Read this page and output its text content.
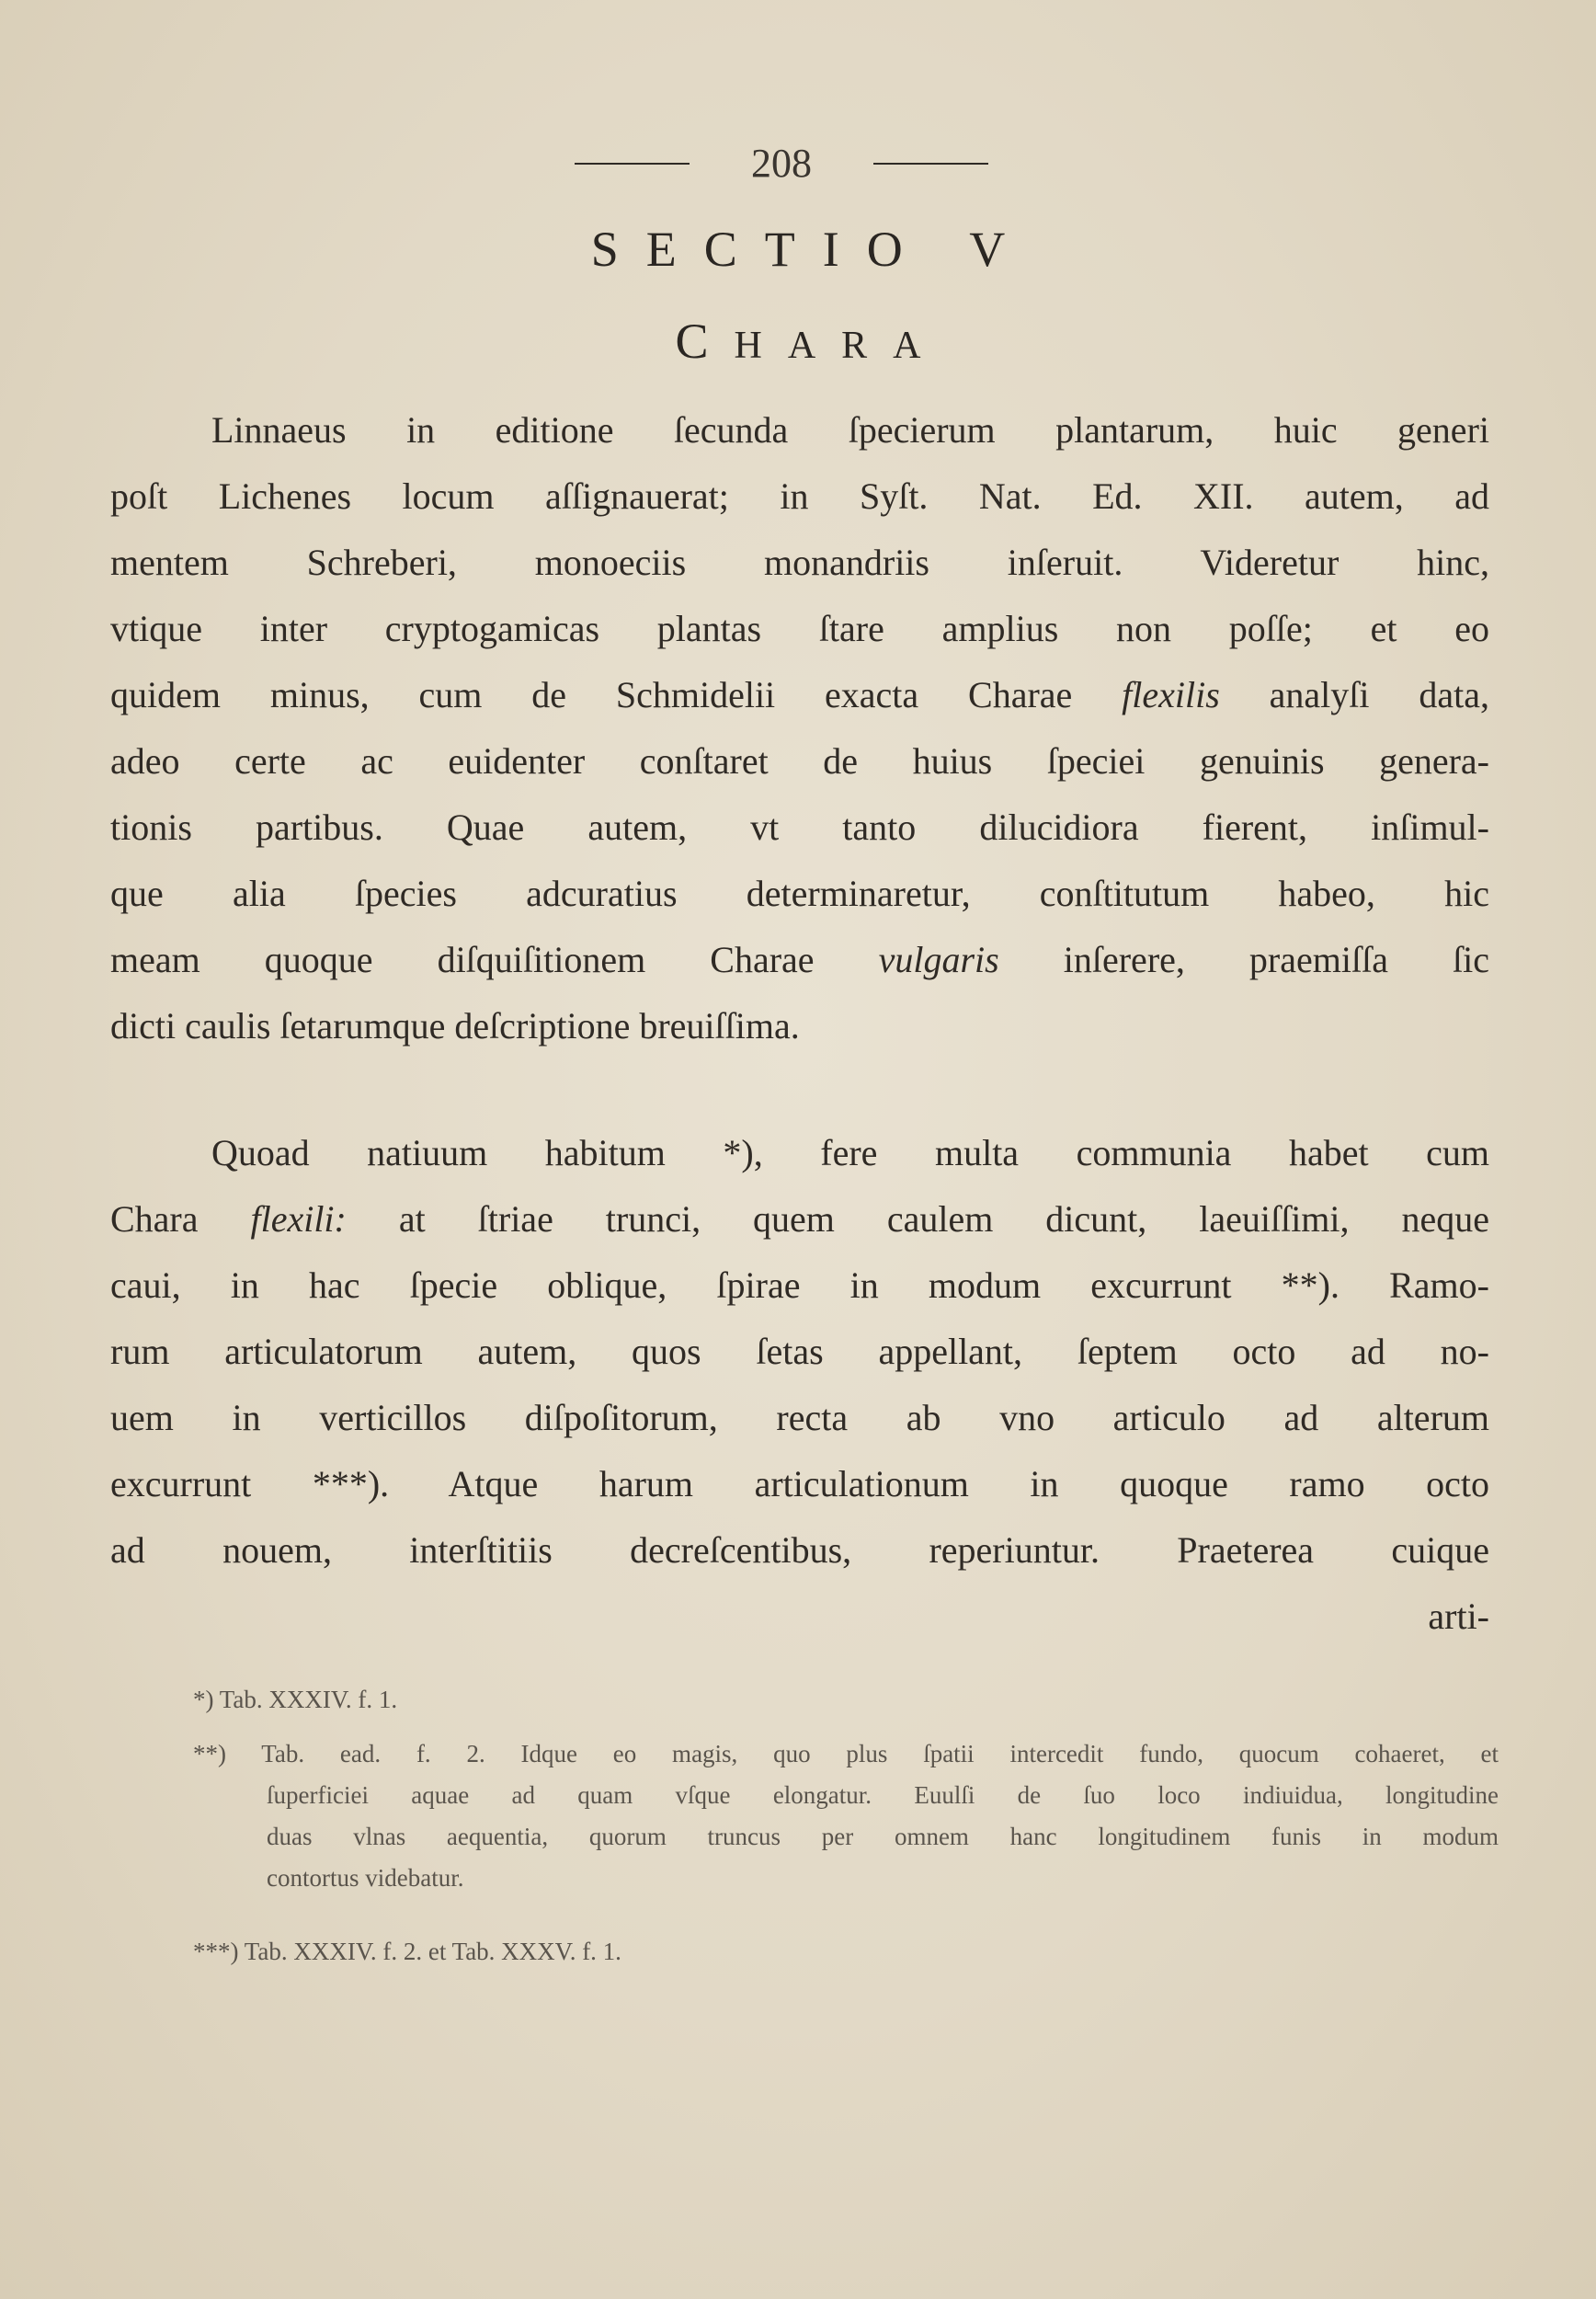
208
SECTIO V
CHARA
Linnaeus in editione ſecunda ſpecierum plantarum, huic generi
poſt Lichenes locum aſſignauerat; in Syſt. Nat. Ed. XII. autem, ad
mentem Schreberi, monoeciis monandriis inſeruit. Videretur hinc,
vtique inter cryptogamicas plantas ſtare amplius non poſſe; et eo
quidem minus, cum de Schmidelii exacta Charae flexilis analyſi data,
adeo certe ac euidenter conſtaret de huius ſpeciei genuinis genera-
tionis partibus. Quae autem, vt tanto dilucidiora fierent, inſimul-
que alia ſpecies adcuratius determinaretur, conſtitutum habeo, hic
meam quoque diſquiſitionem Charae vulgaris inſerere, praemiſſa ſic
dicti caulis ſetarumque deſcriptione breuiſſima.
Quoad natiuum habitum *), fere multa communia habet cum
Chara flexili: at ſtriae trunci, quem caulem dicunt, laeuiſſimi, neque
caui, in hac ſpecie oblique, ſpirae in modum excurrunt **). Ramo-
rum articulatorum autem, quos ſetas appellant, ſeptem octo ad no-
uem in verticillos diſpoſitorum, recta ab vno articulo ad alterum
excurrunt ***). Atque harum articulationum in quoque ramo octo
ad nouem, interſtitiis decreſcentibus, reperiuntur. Praeterea cuique
arti-
*) Tab. XXXIV. f. 1.
**) Tab. ead. f. 2. Idque eo magis, quo plus ſpatii intercedit fundo, quocum cohaeret, et
ſuperficiei aquae ad quam vſque elongatur. Euulſi de ſuo loco indiuidua, longitudine
duas vlnas aequentia, quorum truncus per omnem hanc longitudinem funis in modum
contortus videbatur.
***) Tab. XXXIV. f. 2. et Tab. XXXV. f. 1.
